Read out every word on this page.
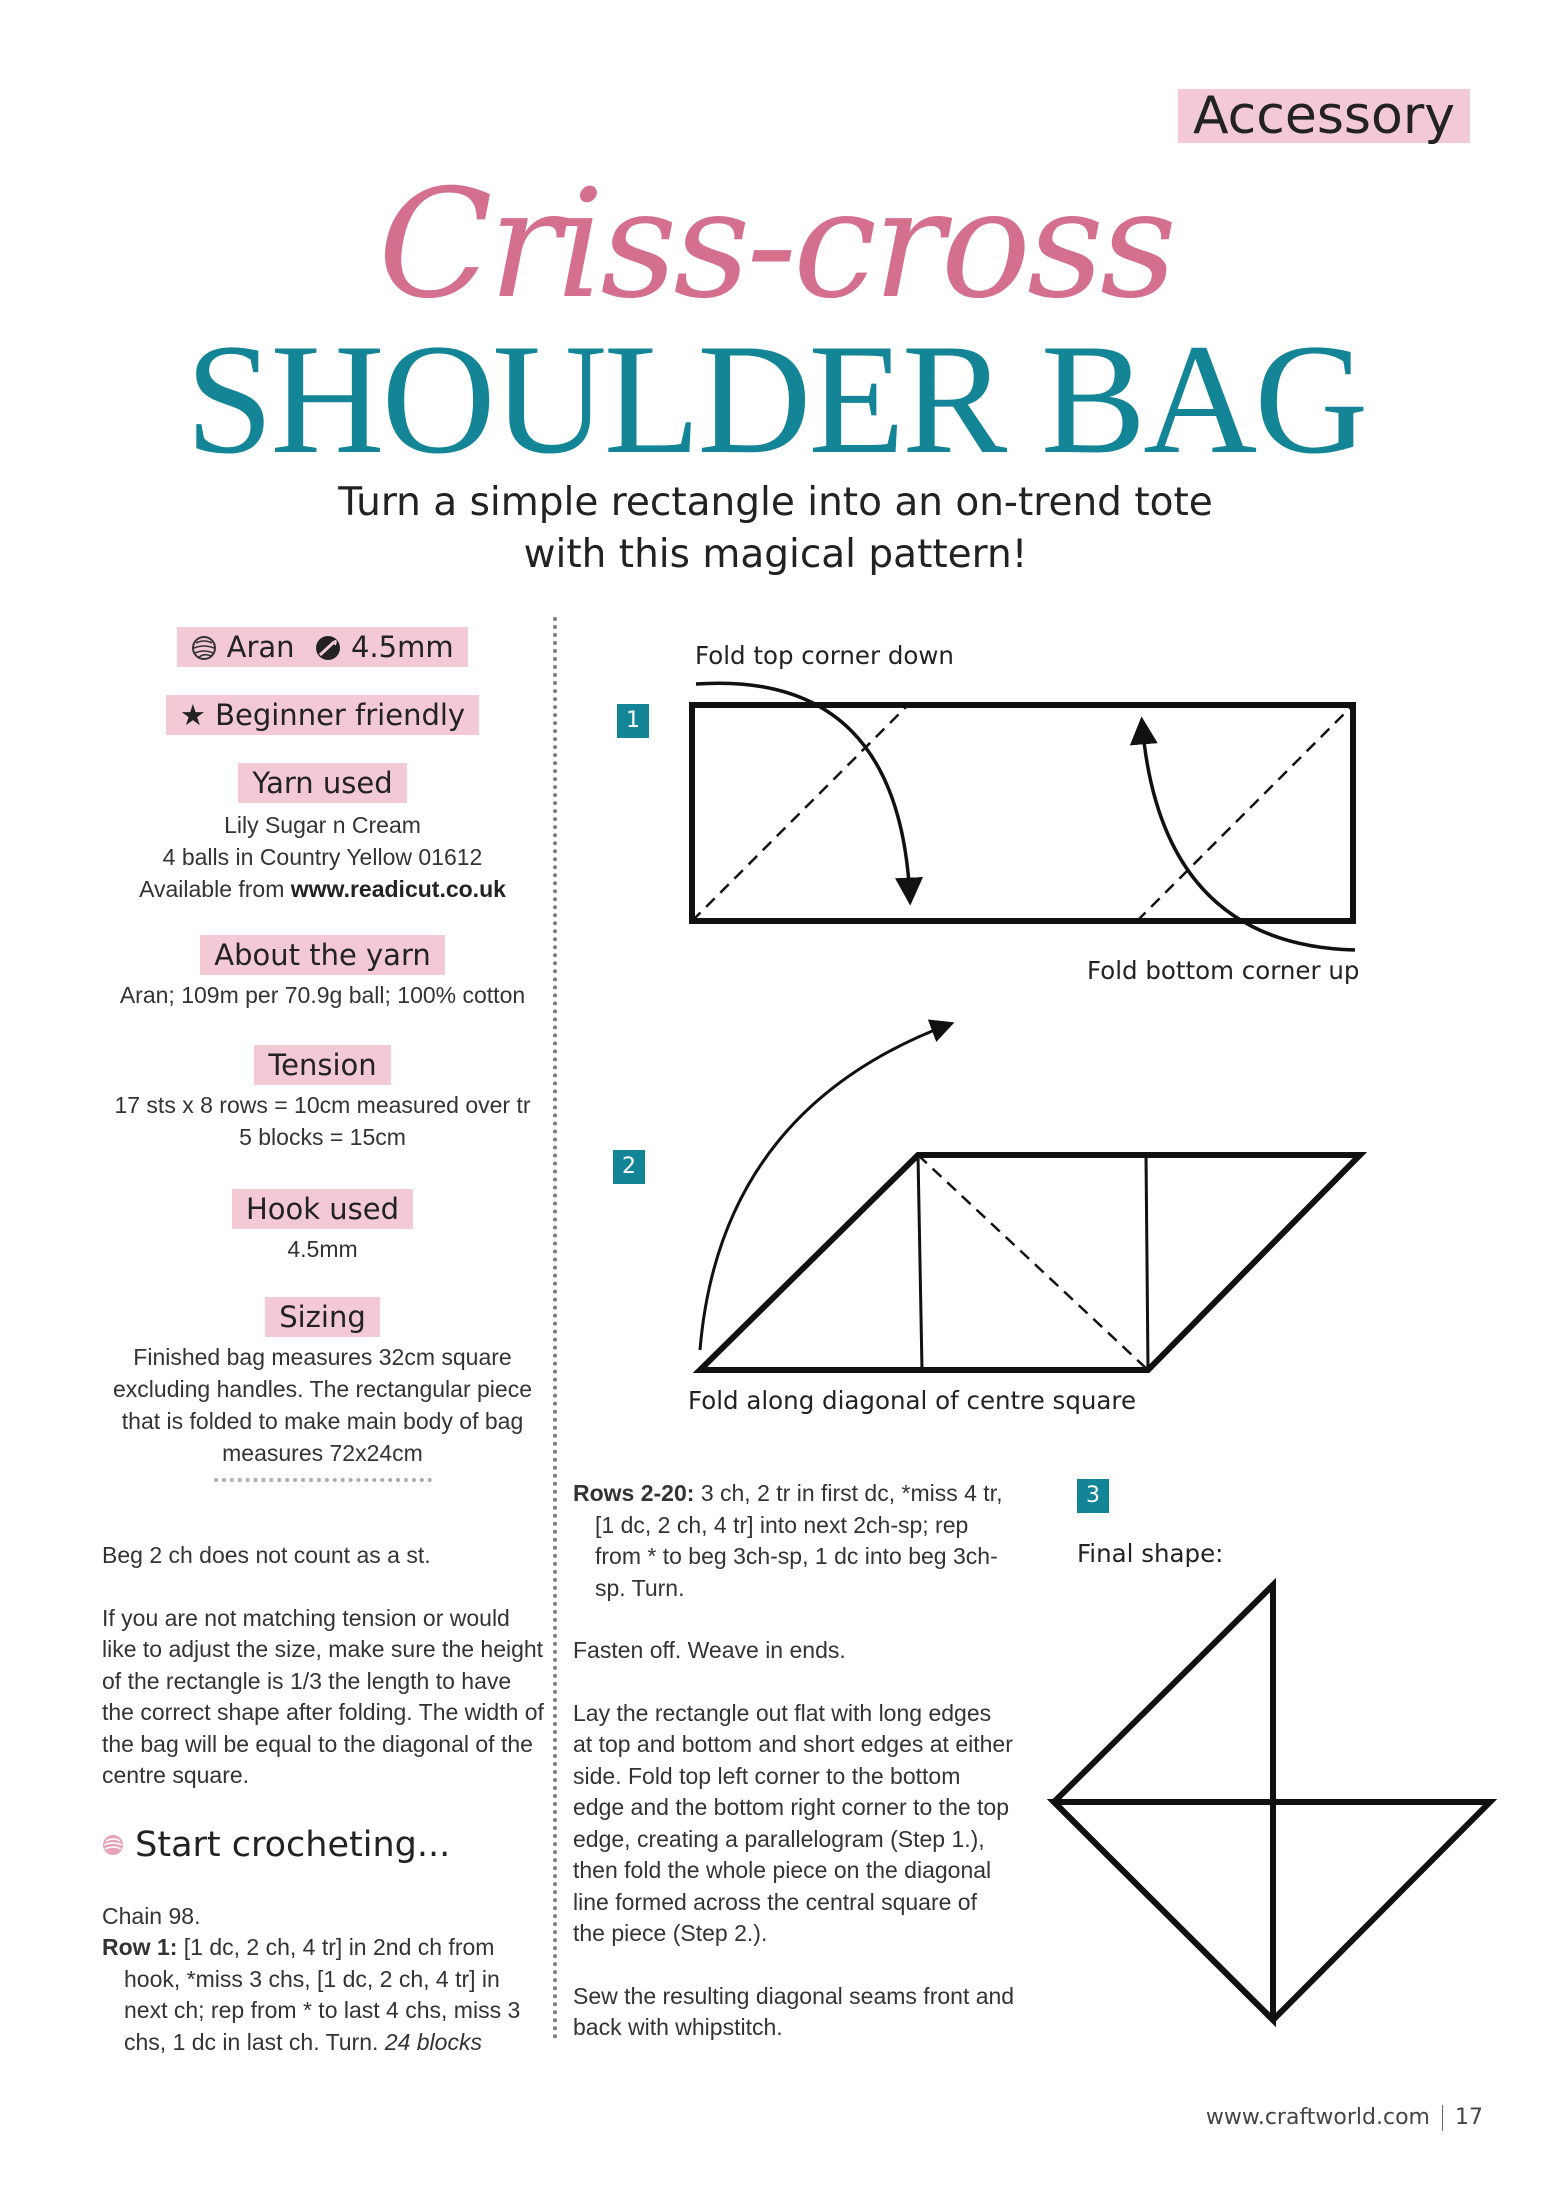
Accessory
Criss-cross
SHOULDER BAG
Turn a simple rectangle into an on-trend tote
with this magical pattern!
Aran 4.5mm
★ Beginner friendly
Yarn used
Lily Sugar n Cream
4 balls in Country Yellow 01612
Available from www.readicut.co.uk
About the yarn
Aran; 109m per 70.9g ball; 100% cotton
Tension
17 sts x 8 rows = 10cm measured over tr
5 blocks = 15cm
Hook used
4.5mm
Sizing
Finished bag measures 32cm square
excluding handles. The rectangular piece
that is folded to make main body of bag
measures 72x24cm

Beg 2 ch does not count as a st.

If you are not matching tension or would like to adjust the size, make sure the height of the rectangle is 1/3 the length to have the correct shape after folding. The width of the bag will be equal to the diagonal of the centre square.

Start crocheting...
Chain 98.
Row 1: [1 dc, 2 ch, 4 tr] in 2nd ch from hook, *miss 3 chs, [1 dc, 2 ch, 4 tr] in next ch; rep from * to last 4 chs, miss 3 chs, 1 dc in last ch. Turn. 24 blocks

Rows 2-20: 3 ch, 2 tr in first dc, *miss 4 tr, [1 dc, 2 ch, 4 tr] into next 2ch-sp; rep from * to beg 3ch-sp, 1 dc into beg 3ch-sp. Turn.

Fasten off. Weave in ends.

Lay the rectangle out flat with long edges at top and bottom and short edges at either side. Fold top left corner to the bottom edge and the bottom right corner to the top edge, creating a parallelogram (Step 1.), then fold the whole piece on the diagonal line formed across the central square of the piece (Step 2.).

Sew the resulting diagonal seams front and back with whipstitch.

1
Fold top corner down
Fold bottom corner up
2
Fold along diagonal of centre square
3
Final shape:
www.craftworld.com 17
